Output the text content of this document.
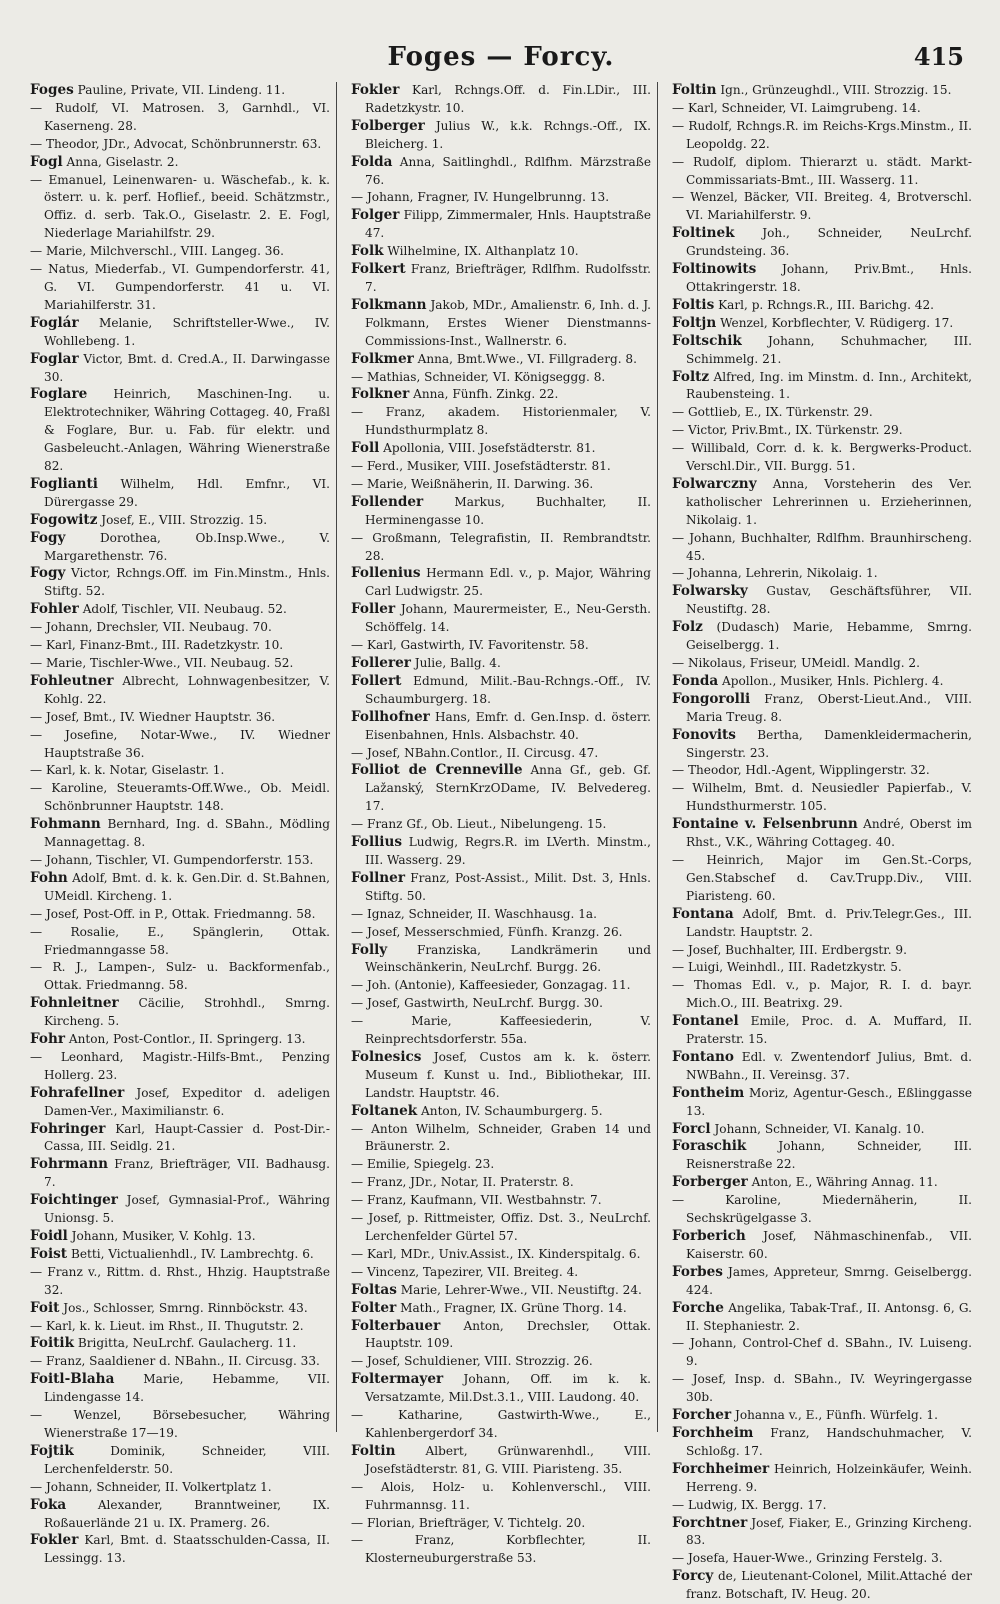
Foges — Forcy.	415

Foges Pauline, Private, VII. Lindeng. 11.

— Rudolf, VI. Matrosen. 3, Garnhdl., VI. Kaserneng. 28.

— Theodor, JDr., Advocat, Schönbrunnerstr. 63.

Fogl Anna, Giselastr. 2.

— Emanuel, Leinenwaren- u. Wäschefab., k. k. österr. u. k. perf. Hoflief., beeid. Schätzmstr., Offiz. d. serb. Tak.O., Giselastr. 2. E. Fogl, Niederlage Mariahilfstr. 29.

— Marie, Milchverschl., VIII. Langeg. 36.

— Natus, Miederfab., VI. Gumpendorferstr. 41, G. VI. Gumpendorferstr. 41 u. VI. Mariahilferstr. 31.

Foglár Melanie, Schriftsteller-Wwe., IV. Wohllebeng. 1.

Foglar Victor, Bmt. d. Cred.A., II. Darwingasse 30.

Foglare Heinrich, Maschinen-Ing. u. Elektrotechniker, Währing Cottageg. 40, Fraßl & Foglare, Bur. u. Fab. für elektr. und Gasbeleucht.-Anlagen, Währing Wienerstraße 82.

Foglianti Wilhelm, Hdl. Emfnr., VI. Dürergasse 29.

Fogowitz Josef, E., VIII. Strozzig. 15.

Fogy	Dorothea, Ob.Insp.Wwe., V. Margarethenstr. 76.

Fogy Victor, Rchngs.Off. im Fin.Minstm., Hnls. Stiftg. 52.

Fohler Adolf, Tischler, VII. Neubaug. 52.

— Johann, Drechsler, VII. Neubaug. 70.

— Karl, Finanz-Bmt., III. Radetzkystr. 10.

— Marie, Tischler-Wwe., VII. Neubaug. 52.

Fohleutner Albrecht, Lohnwagenbesitzer, V. Kohlg. 22.

— Josef, Bmt., IV. Wiedner Hauptstr. 36.

— Josefine, Notar-Wwe., IV. Wiedner Hauptstraße 36.

— Karl, k. k. Notar, Giselastr. 1.

— Karoline, Steueramts-Off.Wwe., Ob. Meidl. Schönbrunner Hauptstr. 148.

Fohmann Bernhard, Ing. d. SBahn., Mödling Mannagettag. 8.

— Johann, Tischler, VI. Gumpendorferstr. 153.

Fohn Adolf, Bmt. d. k. k. Gen.Dir. d. St.Bahnen, UMeidl. Kircheng. 1.

— Josef, Post-Off. in P., Ottak. Friedmanng. 58.

— Rosalie, E., Spänglerin, Ottak. Friedmanngasse 58.

— R. J., Lampen-, Sulz- u. Backformenfab., Ottak. Friedmanng. 58.

Fohnleitner Cäcilie, Strohhdl., Smrng. Kircheng. 5.

Fohr Anton, Post-Contlor., II. Springerg. 13.

— Leonhard, Magistr.-Hilfs-Bmt., Penzing Hollerg. 23.

Fohrafellner Josef, Expeditor d. adeligen Damen-Ver., Maximilianstr. 6.

Fohringer Karl, Haupt-Cassier d. Post-Dir.-Cassa, III. Seidlg. 21.

Fohrmann Franz, Briefträger, VII. Badhausg. 7.

Foichtinger Josef, Gymnasial-Prof., Währing Unionsg. 5.

Foidl Johann, Musiker, V. Kohlg. 13.

Foist Betti, Victualienhdl., IV. Lambrechtg. 6.

— Franz v., Rittm. d. Rhst., Hhzig. Hauptstraße 32.

Foit Jos., Schlosser, Smrng. Rinnböckstr. 43.

— Karl, k. k. Lieut. im Rhst., II. Thugutstr. 2.

Foitik Brigitta, NeuLrchf. Gaulacherg. 11.

— Franz, Saaldiener d. NBahn., II. Circusg. 33.

Foitl-Blaha Marie, Hebamme, VII. Lindengasse 14.

— Wenzel, Börsebesucher, Währing Wienerstraße 17—19.

Fojtik	Dominik, Schneider, VIII. Lerchenfelderstr. 50.

— Johann, Schneider, II. Volkertplatz 1.

Foka	Alexander, Branntweiner, IX. Roßauerlände 21 u. IX. Pramerg. 26.

Fokler Karl, Bmt. d. Staatsschulden-Cassa, II. Lessingg. 13.

Fokler Karl, Rchngs.Off. d. Fin.LDir., III. Radetzkystr. 10.

Folberger Julius W., k.k. Rchngs.-Off., IX. Bleicherg. 1.

Folda Anna, Saitlinghdl., Rdlfhm. Märzstraße 76.

— Johann, Fragner, IV. Hungelbrunng. 13.

Folger Filipp, Zimmermaler, Hnls. Hauptstraße 47.

Folk Wilhelmine, IX. Althanplatz 10.

Folkert Franz, Briefträger, Rdlfhm. Rudolfsstr. 7.

Folkmann Jakob, MDr., Amalienstr. 6, Inh. d. J. Folkmann, Erstes Wiener Dienstmanns-Commissions-Inst., Wallnerstr. 6.

Folkmer Anna, Bmt.Wwe., VI. Fillgraderg. 8.

— Mathias, Schneider, VI. Königseggg. 8.

Folkner Anna, Fünfh. Zinkg. 22.

— Franz, akadem. Historienmaler, V. Hundsthurmplatz 8.

Foll Apollonia, VIII. Josefstädterstr. 81.

— Ferd., Musiker, VIII. Josefstädterstr. 81.

— Marie, Weißnäherin, II. Darwing. 36.

Follender	Markus, Buchhalter, II. Herminengasse 10.

— Großmann, Telegrafistin, II. Rembrandtstr. 28.

Follenius Hermann Edl. v., p. Major, Währing Carl Ludwigstr. 25.

Foller Johann, Maurermeister, E., Neu-Gersth. Schöffelg. 14.

— Karl, Gastwirth, IV. Favoritenstr. 58.

Follerer Julie, Ballg. 4.

Follert Edmund, Milit.-Bau-Rchngs.-Off., IV. Schaumburgerg. 18.

Follhofner Hans, Emfr. d. Gen.Insp. d. österr. Eisenbahnen, Hnls. Alsbachstr. 40.

— Josef, NBahn.Contlor., II. Circusg. 47.

Folliot de Crenneville Anna Gf., geb. Gf. Lažanský, SternKrzODame, IV. Belvedereg. 17.

— Franz Gf., Ob. Lieut., Nibelungeng. 15.

Follius Ludwig, Regrs.R. im LVerth. Minstm., III. Wasserg. 29.

Follner Franz, Post-Assist., Milit. Dst. 3, Hnls. Stiftg. 50.

— Ignaz, Schneider, II. Waschhausg. 1a.

— Josef, Messerschmied, Fünfh. Kranzg. 26.

Folly Franziska, Landkrämerin und Weinschänkerin, NeuLrchf. Burgg. 26.

— Joh. (Antonie), Kaffeesieder, Gonzagag. 11.

— Josef, Gastwirth, NeuLrchf. Burgg. 30.

— Marie, Kaffeesiederin, V. Reinprechtsdorferstr. 55a.

Folnesics Josef, Custos am k. k. österr. Museum f. Kunst u. Ind., Bibliothekar, III. Landstr. Hauptstr. 46.

Foltanek Anton, IV. Schaumburgerg. 5.

— Anton Wilhelm, Schneider, Graben 14 und Bräunerstr. 2.

— Emilie, Spiegelg. 23.

— Franz, JDr., Notar, II. Praterstr. 8.

— Franz, Kaufmann, VII. Westbahnstr. 7.

— Josef, p. Rittmeister, Offiz. Dst. 3., NeuLrchf. Lerchenfelder Gürtel 57.

— Karl, MDr., Univ.Assist., IX. Kinderspitalg. 6.

— Vincenz, Tapezirer, VII. Breiteg. 4.

Foltas Marie, Lehrer-Wwe., VII. Neustiftg. 24.

Folter Math., Fragner, IX. Grüne Thorg. 14.

Folterbauer Anton, Drechsler, Ottak. Hauptstr. 109.

— Josef, Schuldiener, VIII. Strozzig. 26.

Foltermayer Johann, Off. im k. k. Versatzamte, Mil.Dst.3.1., VIII. Laudong. 40.

— Katharine, Gastwirth-Wwe., E., Kahlenbergerdorf 34.

Foltin Albert, Grünwarenhdl., VIII. Josefstädterstr. 81, G. VIII. Piaristeng. 35.

— Alois, Holz- u. Kohlenverschl., VIII. Fuhrmannsg. 11.

— Florian, Briefträger, V. Tichtelg. 20.

— Franz, Korbflechter, II. Klosterneuburgerstraße 53.

Foltin Ign., Grünzeughdl., VIII. Strozzig. 15.

— Karl, Schneider, VI. Laimgrubeng. 14.

— Rudolf, Rchngs.R. im Reichs-Krgs.Minstm., II. Leopoldg. 22.

— Rudolf, diplom. Thierarzt u. städt. Markt-Commissariats-Bmt., III. Wasserg. 11.

— Wenzel, Bäcker, VII. Breiteg. 4, Brotverschl. VI. Mariahilferstr. 9.

Foltinek Joh., Schneider, NeuLrchf. Grundsteing. 36.

Foltinowits Johann, Priv.Bmt., Hnls. Ottakringerstr. 18.

Foltis Karl, p. Rchngs.R., III. Barichg. 42.

Foltjn Wenzel, Korbflechter, V. Rüdigerg. 17.

Foltschik Johann, Schuhmacher, III. Schimmelg. 21.

Foltz Alfred, Ing. im Minstm. d. Inn., Architekt, Raubensteing. 1.

— Gottlieb, E., IX. Türkenstr. 29.

— Victor, Priv.Bmt., IX. Türkenstr. 29.

— Willibald, Corr. d. k. k. Bergwerks-Product. Verschl.Dir., VII. Burgg. 51.

Folwarczny Anna, Vorsteherin des Ver. katholischer Lehrerinnen u. Erzieherinnen, Nikolaig. 1.

— Johann, Buchhalter, Rdlfhm. Braunhirscheng. 45.

— Johanna, Lehrerin, Nikolaig. 1.

Folwarsky Gustav, Geschäftsführer, VII. Neustiftg. 28.

Folz (Dudasch) Marie, Hebamme, Smrng. Geiselbergg. 1.

— Nikolaus, Friseur, UMeidl. Mandlg. 2.

Fonda Apollon., Musiker, Hnls. Pichlerg. 4.

Fongorolli Franz, Oberst-Lieut.And., VIII. Maria Treug. 8.

Fonovits Bertha, Damenkleidermacherin, Singerstr. 23.

— Theodor, Hdl.-Agent, Wipplingerstr. 32.

— Wilhelm, Bmt. d. Neusiedler Papierfab., V. Hundsthurmerstr. 105.

Fontaine v. Felsenbrunn André, Oberst im Rhst., V.K., Währing Cottageg. 40.

— Heinrich, Major im Gen.St.-Corps, Gen.Stabschef d. Cav.Trupp.Div., VIII. Piaristeng. 60.

Fontana Adolf, Bmt. d. Priv.Telegr.Ges., III. Landstr. Hauptstr. 2.

— Josef, Buchhalter, III. Erdbergstr. 9.

— Luigi, Weinhdl., III. Radetzkystr. 5.

— Thomas Edl. v., p. Major, R. I. d. bayr. Mich.O., III. Beatrixg. 29.

Fontanel Emile, Proc. d. A. Muffard, II. Praterstr. 15.

Fontano Edl. v. Zwentendorf Julius, Bmt. d. NWBahn., II. Vereinsg. 37.

Fontheim Moriz, Agentur-Gesch., Eßlinggasse 13.

Forcl Johann, Schneider, VI. Kanalg. 10.

Foraschik	Johann, Schneider, III. Reisnerstraße 22.

Forberger Anton, E., Währing Annag. 11.

— Karoline, Miedernäherin, II. Sechskrügelgasse 3.

Forberich Josef, Nähmaschinenfab., VII. Kaiserstr. 60.

Forbes James, Appreteur, Smrng. Geiselbergg. 424.

Forche Angelika, Tabak-Traf., II. Antonsg. 6, G. II. Stephaniestr. 2.

— Johann, Control-Chef d. SBahn., IV. Luiseng. 9.

— Josef, Insp. d. SBahn., IV. Weyringergasse 30b.

Forcher Johanna v., E., Fünfh. Würfelg. 1.

Forchheim Franz, Handschuhmacher, V. Schloßg. 17.

Forchheimer Heinrich, Holzeinkäufer, Weinh. Herreng. 9.

— Ludwig, IX. Bergg. 17.

Forchtner Josef, Fiaker, E., Grinzing Kircheng. 83.

— Josefa, Hauer-Wwe., Grinzing Ferstelg. 3.

Forcy de, Lieutenant-Colonel, Milit.Attaché der franz. Botschaft, IV. Heug. 20.
